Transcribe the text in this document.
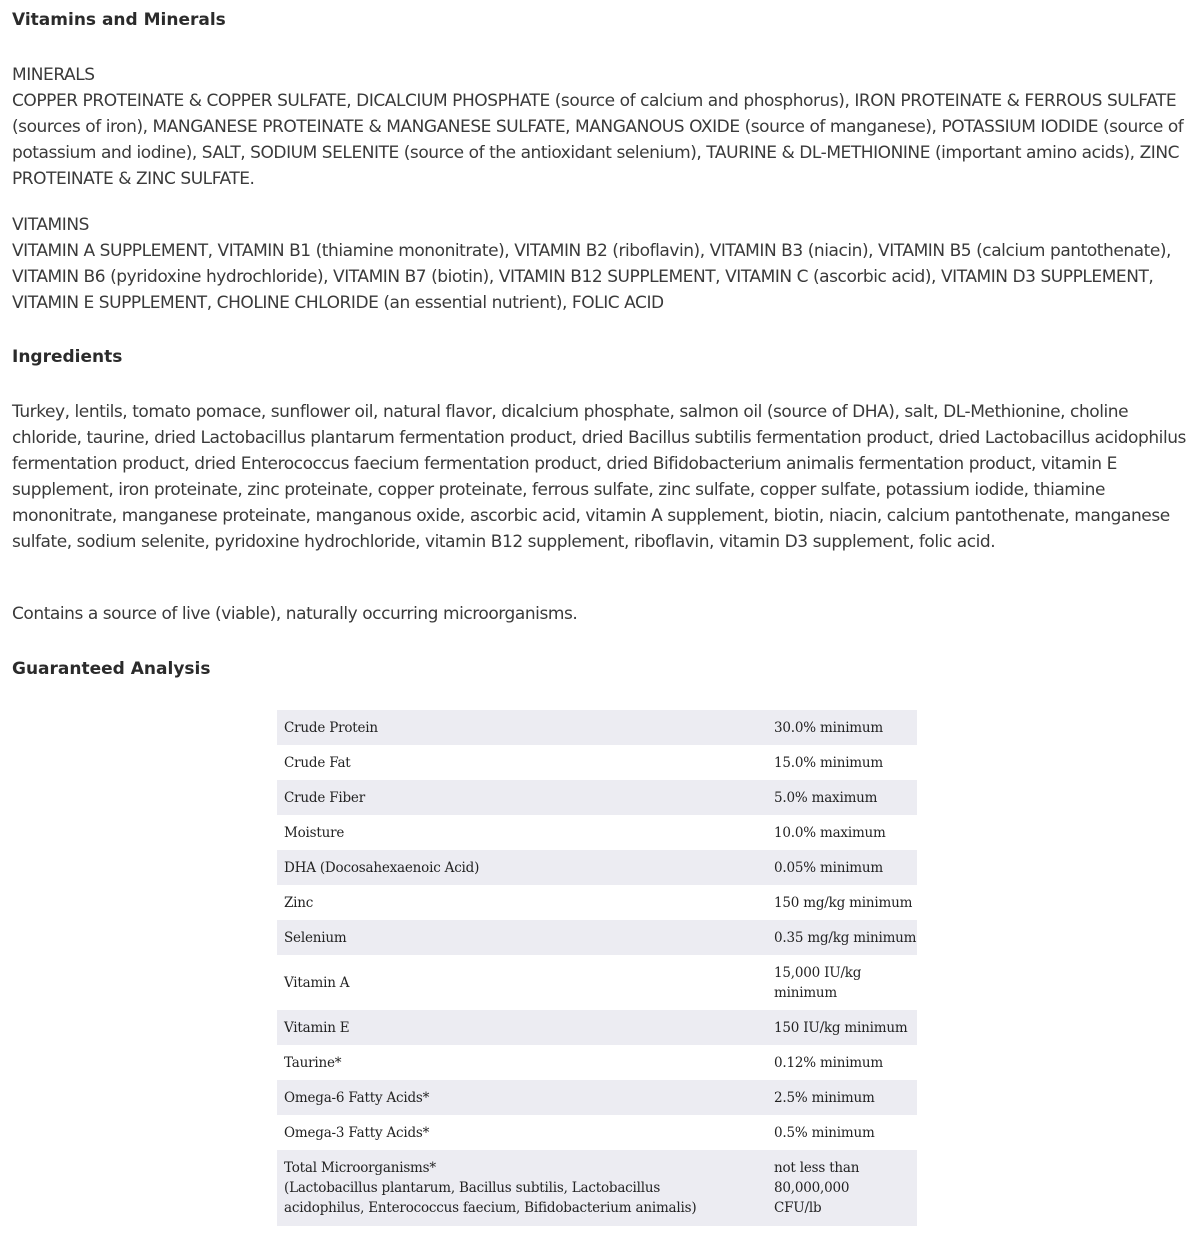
Vitamins and Minerals
MINERALS
COPPER PROTEINATE & COPPER SULFATE, DICALCIUM PHOSPHATE (source of calcium and phosphorus), IRON PROTEINATE & FERROUS SULFATE (sources of iron), MANGANESE PROTEINATE & MANGANESE SULFATE, MANGANOUS OXIDE (source of manganese), POTASSIUM IODIDE (source of potassium and iodine), SALT, SODIUM SELENITE (source of the antioxidant selenium), TAURINE & DL-METHIONINE (important amino acids), ZINC PROTEINATE & ZINC SULFATE.
VITAMINS
VITAMIN A SUPPLEMENT, VITAMIN B1 (thiamine mononitrate), VITAMIN B2 (riboflavin), VITAMIN B3 (niacin), VITAMIN B5 (calcium pantothenate), VITAMIN B6 (pyridoxine hydrochloride), VITAMIN B7 (biotin), VITAMIN B12 SUPPLEMENT, VITAMIN C (ascorbic acid), VITAMIN D3 SUPPLEMENT, VITAMIN E SUPPLEMENT, CHOLINE CHLORIDE (an essential nutrient), FOLIC ACID
Ingredients

Turkey, lentils, tomato pomace, sunflower oil, natural flavor, dicalcium phosphate, salmon oil (source of DHA), salt, DL-Methionine, choline chloride, taurine, dried Lactobacillus plantarum fermentation product, dried Bacillus subtilis fermentation product, dried Lactobacillus acidophilus fermentation product, dried Enterococcus faecium fermentation product, dried Bifidobacterium animalis fermentation product, vitamin E supplement, iron proteinate, zinc proteinate, copper proteinate, ferrous sulfate, zinc sulfate, copper sulfate, potassium iodide, thiamine mononitrate, manganese proteinate, manganous oxide, ascorbic acid, vitamin A supplement, biotin, niacin, calcium pantothenate, manganese sulfate, sodium selenite, pyridoxine hydrochloride, vitamin B12 supplement, riboflavin, vitamin D3 supplement, folic acid.

Contains a source of live (viable), naturally occurring microorganisms.

Guaranteed Analysis
Crude Protein	30.0% minimum
Crude Fat	15.0% minimum
Crude Fiber	5.0% maximum
Moisture	10.0% maximum
DHA (Docosahexaenoic Acid)	0.05% minimum
Zinc	150 mg/kg minimum
Selenium	0.35 mg/kg minimum
Vitamin A	15,000 IU/kg minimum
Vitamin E	150 IU/kg minimum
Taurine*	0.12% minimum
Omega-6 Fatty Acids*	2.5% minimum
Omega-3 Fatty Acids*	0.5% minimum

Total Microorganisms*
(Lactobacillus plantarum, Bacillus subtilis, Lactobacillus acidophilus, Enterococcus faecium, Bifidobacterium animalis)	not less than 80,000,000 CFU/lb
